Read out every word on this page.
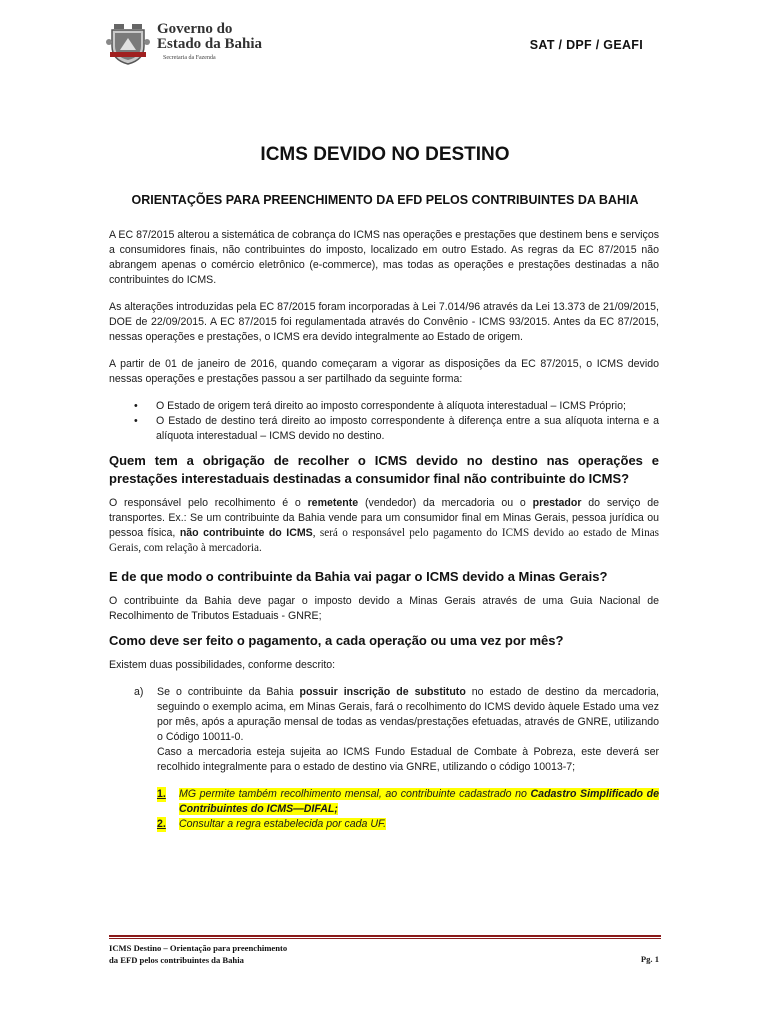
Governo do
Estado da Bahia
Secretaria da Fazenda
SAT / DPF / GEAFI
ICMS DEVIDO NO DESTINO
ORIENTAÇÕES PARA PREENCHIMENTO DA EFD PELOS CONTRIBUINTES DA BAHIA

A EC 87/2015 alterou a sistemática de cobrança do ICMS nas operações e prestações que destinem bens e serviços a consumidores finais, não contribuintes do imposto, localizado em outro Estado. As regras da EC 87/2015 não abrangem apenas o comércio eletrônico (e-commerce), mas todas as operações e prestações destinadas a não contribuintes do ICMS.

As alterações introduzidas pela EC 87/2015 foram incorporadas à Lei 7.014/96 através da Lei 13.373 de 21/09/2015, DOE de 22/09/2015. A EC 87/2015 foi regulamentada através do Convênio - ICMS 93/2015. Antes da EC 87/2015, nessas operações e prestações, o ICMS era devido integralmente ao Estado de origem.

A partir de 01 de janeiro de 2016, quando começaram a vigorar as disposições da EC 87/2015, o ICMS devido nessas operações e prestações passou a ser partilhado da seguinte forma:

• O Estado de origem terá direito ao imposto correspondente à alíquota interestadual – ICMS Próprio;
• O Estado de destino terá direito ao imposto correspondente à diferença entre a sua alíquota interna e a alíquota interestadual – ICMS devido no destino.
Quem tem a obrigação de recolher o ICMS devido no destino nas operações e prestações interestaduais destinadas a consumidor final não contribuinte do ICMS?

O responsável pelo recolhimento é o remetente (vendedor) da mercadoria ou o prestador do serviço de transportes. Ex.: Se um contribuinte da Bahia vende para um consumidor final em Minas Gerais, pessoa jurídica ou pessoa física, não contribuinte do ICMS, será o responsável pelo pagamento do ICMS devido ao estado de Minas Gerais, com relação à mercadoria.

E de que modo o contribuinte da Bahia vai pagar o ICMS devido a Minas Gerais?

O contribuinte da Bahia deve pagar o imposto devido a Minas Gerais através de uma Guia Nacional de Recolhimento de Tributos Estaduais - GNRE;

Como deve ser feito o pagamento, a cada operação ou uma vez por mês?

Existem duas possibilidades, conforme descrito:

a) Se o contribuinte da Bahia possuir inscrição de substituto no estado de destino da mercadoria, seguindo o exemplo acima, em Minas Gerais, fará o recolhimento do ICMS devido àquele Estado uma vez por mês, após a apuração mensal de todas as vendas/prestações efetuadas, através de GNRE, utilizando o Código 10011-0.

Caso a mercadoria esteja sujeita ao ICMS Fundo Estadual de Combate à Pobreza, este deverá ser recolhido integralmente para o estado de destino via GNRE, utilizando o código 10013-7;

1. MG permite também recolhimento mensal, ao contribuinte cadastrado no Cadastro Simplificado de Contribuintes do ICMS—DIFAL;
2. Consultar a regra estabelecida por cada UF.
ICMS Destino – Orientação para preenchimento
da EFD pelos contribuintes da Bahia	Pg. 1
